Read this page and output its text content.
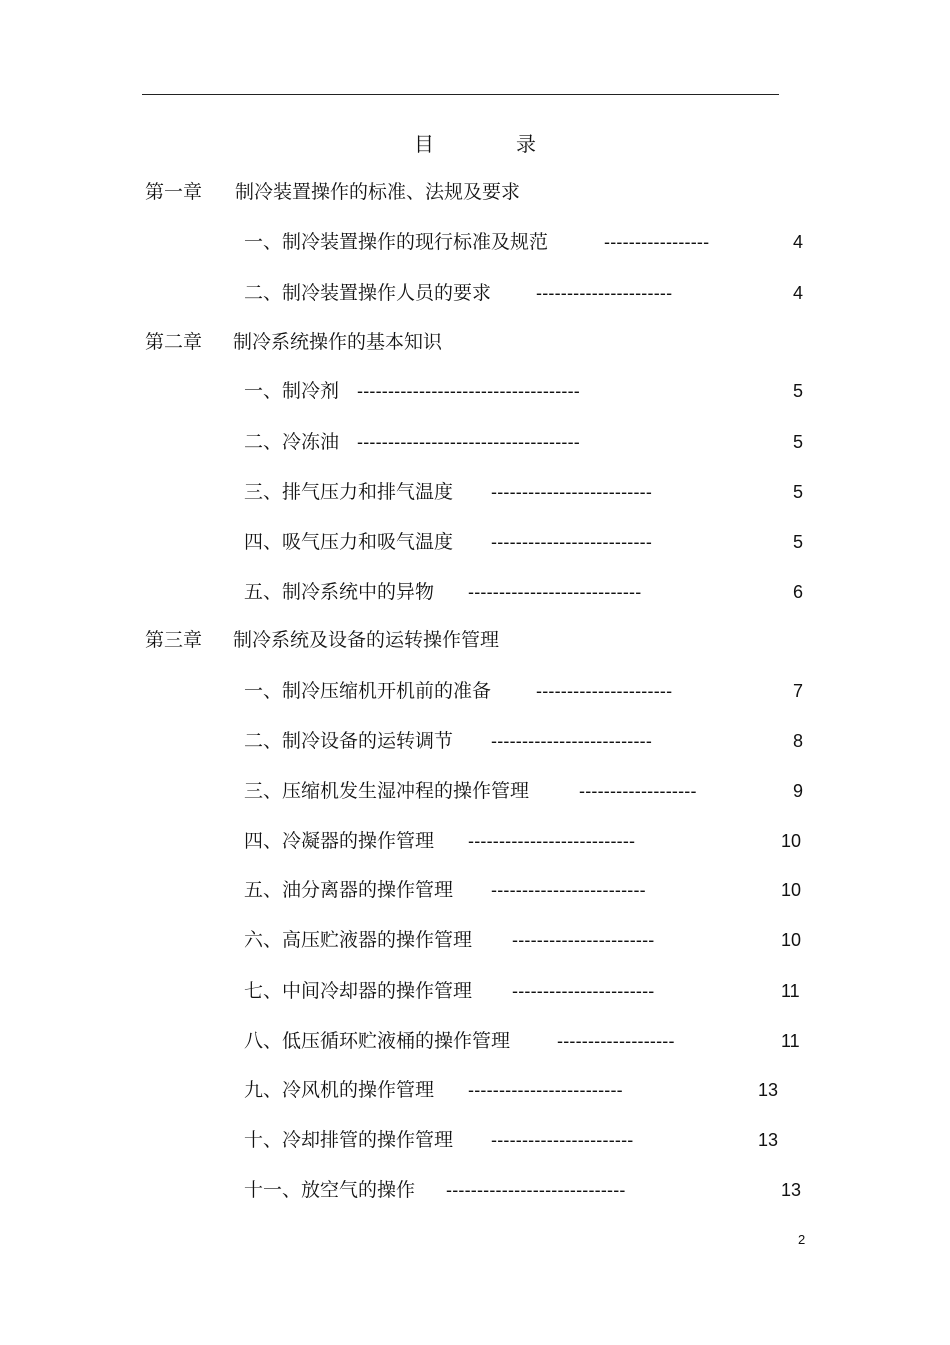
目	录
第一章 制冷装置操作的标准、法规及要求
一、制冷装置操作的现行标准及规范	-----------------	4
二、制冷装置操作人员的要求 ----------------------	4
第二章 制冷系统操作的基本知识
一、制冷剂 ------------------------------------	5
二、冷冻油 ------------------------------------	5
三、排气压力和排气温度 --------------------------	5
四、吸气压力和吸气温度 --------------------------	5
五、制冷系统中的异物 ----------------------------	6
第三章 制冷系统及设备的运转操作管理
一、制冷压缩机开机前的准备 ----------------------	7
二、制冷设备的运转调节 --------------------------	8
三、压缩机发生湿冲程的操作管理	-------------------	9
四、冷凝器的操作管理 ---------------------------	10
五、油分离器的操作管理 -------------------------	10
六、高压贮液器的操作管理 -----------------------	10
七、中间冷却器的操作管理 -----------------------	11
八、低压循环贮液桶的操作管理	-------------------	11
九、冷风机的操作管理 -------------------------	13
十、冷却排管的操作管理 -----------------------	13
十一、放空气的操作 -----------------------------	13
2
